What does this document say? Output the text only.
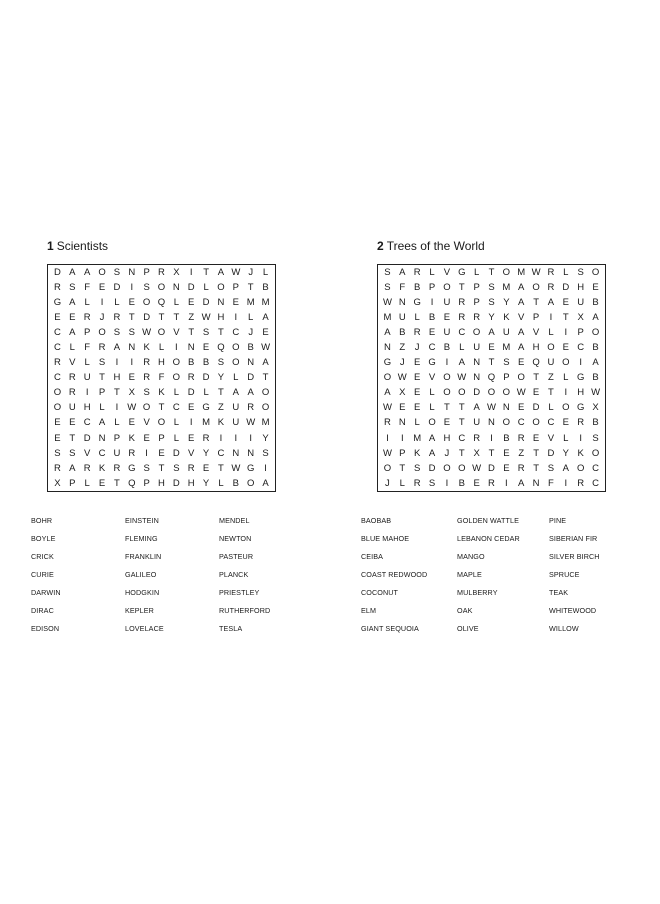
1 Scientists
D A A O S N P R X	I	T A W J	L
R S F E D	I	S O N D L O P T B
G A L	I	L E O Q L E D N E M M
E E R J R T D T T Z W H	I	L A
C A P O S S W O V T S T C J E
C L F R A N K L	I	N E Q O B W
R V L S	I	I	R H O B B S O N A
C R U T H E R F O R D Y L D T
O R	I	P T X S K L D L T A A O
O U H L	I W O T C E G Z U R O
E E C A L E V O L	I	M K U W M
E T D N P K E P L E R	I	I	I	Y
S S V C U R	I	E D V Y C N N S
R A R K R G S T S R E T W G	I
X P L E T Q P H D H Y L B O A
2 Trees of the World
S A R L V G L T O M W R L S O
S F B P O T P S M A O R D H E
W N G	I	U R P S Y A T A E U B
M U L B E R R Y K V P	I	T X A
A B R E U C O A U A V L	I	P O
N Z	J C B L U E M A H O E C B
G J E G	I	A N T S E Q U O	I	A
O W E V O W N Q P O T Z L G B
A X E L O O D O O W E T	I	H W
W E E L T T A W N E D L O G X
R N L O E T U N O C O C E R B
I	I	M A H C R	I	B R E V L	I	S
W P K A J	T X T E Z T D Y K O
O T S D O O W D E R T S A O C
J	L R S	I	B E R	I	A N F	I	R C
BOHR
BOYLE
CRICK
CURIE
DARWIN
DIRAC
EDISON
EINSTEIN
FLEMING
FRANKLIN
GALILEO
HODGKIN
KEPLER
LOVELACE
MENDEL
NEWTON
PASTEUR
PLANCK
PRIESTLEY
RUTHERFORD
TESLA
BAOBAB
BLUE MAHOE
CEIBA
COAST REDWOOD
COCONUT
ELM
GIANT SEQUOIA
GOLDEN WATTLE
LEBANON CEDAR
MANGO
MAPLE
MULBERRY
OAK
OLIVE
PINE
SIBERIAN FIR
SILVER BIRCH
SPRUCE
TEAK
WHITEWOOD
WILLOW
